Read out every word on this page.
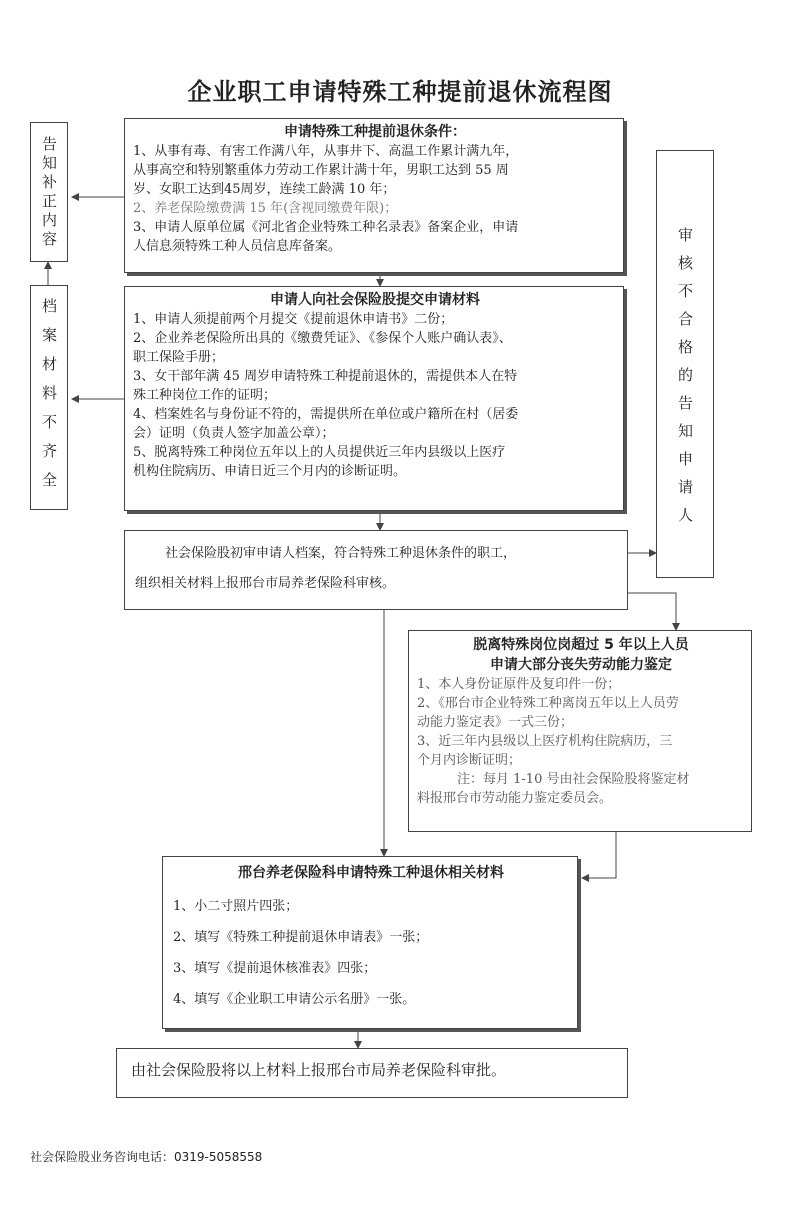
企业职工申请特殊工种提前退休流程图
告知补正内容
档案材料不齐全	审核不合格的告知申请人
申请特殊工种提前退休条件：
1、从事有毒、有害工作满八年，从事井下、高温工作累计满九年，
从事高空和特别繁重体力劳动工作累计满十年，男职工达到 55 周
岁、女职工达到45周岁，连续工龄满 10 年；
2、养老保险缴费满 15 年(含视同缴费年限)；
3、申请人原单位属《河北省企业特殊工种名录表》备案企业，申请
人信息须特殊工种人员信息库备案。
申请人向社会保险股提交申请材料
1、申请人须提前两个月提交《提前退休申请书》二份；
2、企业养老保险所出具的《缴费凭证》、《参保个人账户确认表》、
职工保险手册；
3、女干部年满 45 周岁申请特殊工种提前退休的，需提供本人在特
殊工种岗位工作的证明；
4、档案姓名与身份证不符的，需提供所在单位或户籍所在村（居委
会）证明（负责人签字加盖公章）；
5、脱离特殊工种岗位五年以上的人员提供近三年内县级以上医疗
机构住院病历、申请日近三个月内的诊断证明。
社会保险股初审申请人档案，符合特殊工种退休条件的职工，
组织相关材料上报邢台市局养老保险科审核。
脱离特殊岗位岗超过 5 年以上人员
申请大部分丧失劳动能力鉴定
1、本人身份证原件及复印件一份；
2、《邢台市企业特殊工种离岗五年以上人员劳
动能力鉴定表》一式三份；
3、近三年内县级以上医疗机构住院病历，三
个月内诊断证明；
注：每月 1-10 号由社会保险股将鉴定材
料报邢台市劳动能力鉴定委员会。
邢台养老保险科申请特殊工种退休相关材料
1、小二寸照片四张；
2、填写《特殊工种提前退休申请表》一张；
3、填写《提前退休核准表》四张；
4、填写《企业职工申请公示名册》一张。
由社会保险股将以上材料上报邢台市局养老保险科审批。
社会保险股业务咨询电话：0319-5058558
